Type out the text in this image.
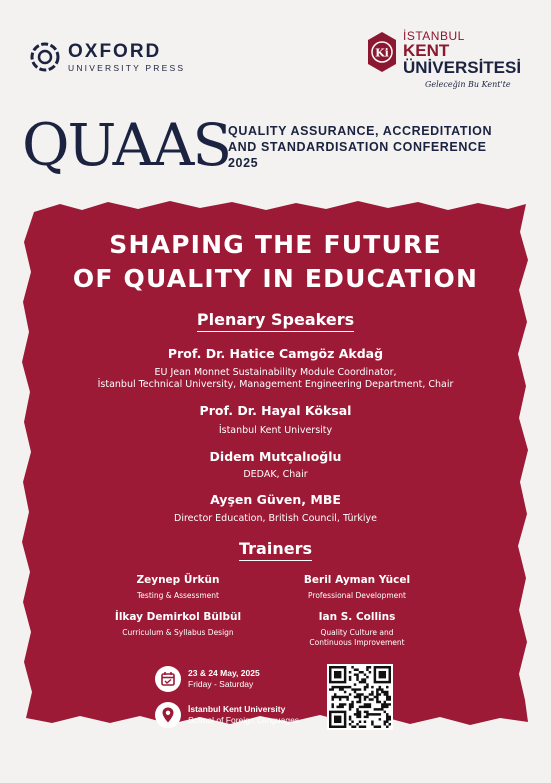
OXFORD
UNIVERSITY PRESS
Ki
İSTANBUL
KENT
ÜNİVERSİTESİ
Geleceğin Bu Kent'te
QUAAS
QUALITY ASSURANCE, ACCREDITATION
AND STANDARDISATION CONFERENCE
2025
SHAPING THE FUTURE
OF QUALITY IN EDUCATION
Plenary Speakers
Prof. Dr. Hatice Camgöz Akdağ
EU Jean Monnet Sustainability Module Coordinator,
İstanbul Technical University, Management Engineering Department, Chair
Prof. Dr. Hayal Köksal
İstanbul Kent University
Didem Mutçalıoğlu
DEDAK, Chair
Ayşen Güven, MBE
Director Education, British Council, Türkiye
Trainers
Zeynep Ürkün
Testing & Assessment
Beril Ayman Yücel
Professional Development
İlkay Demirkol Bülbül
Curriculum & Syllabus Design
Ian S. Collins
Quality Culture and
Continuous Improvement
23 & 24 May, 2025
Friday - Saturday
İstanbul Kent University
School of Foreign Languages
